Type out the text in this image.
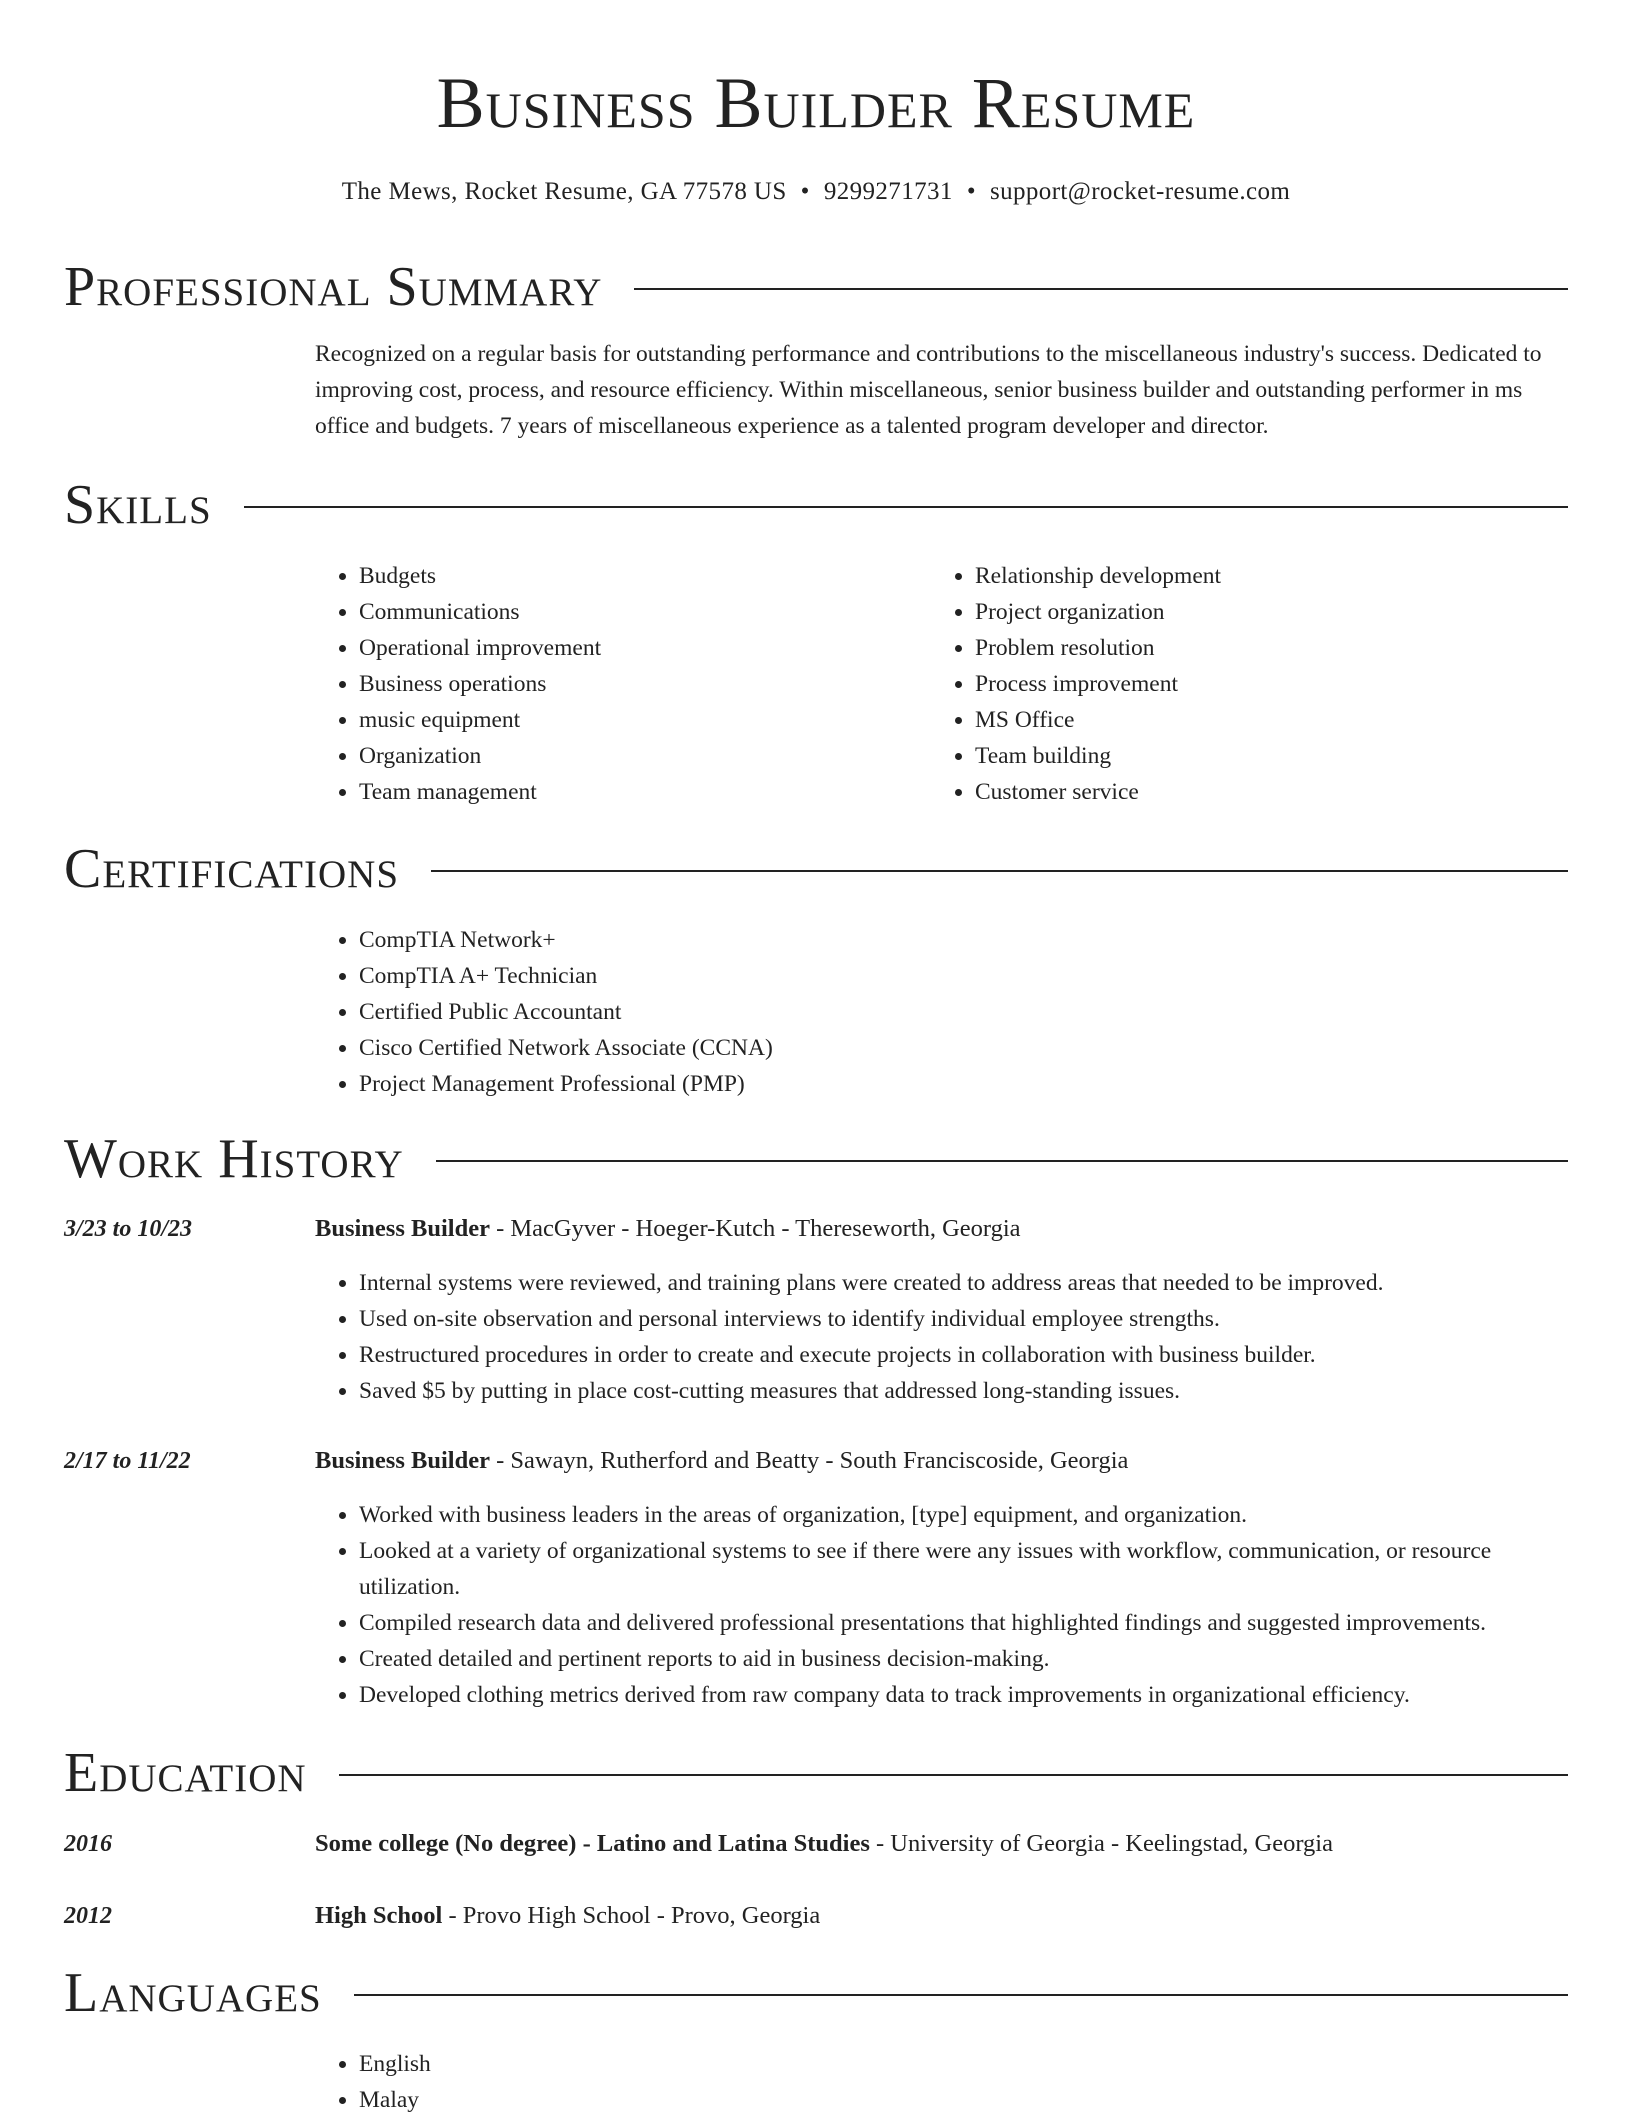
Business Builder Resume
The Mews, Rocket Resume, GA 77578 US • 9299271731 • support@rocket-resume.com
Professional Summary
Recognized on a regular basis for outstanding performance and contributions to the miscellaneous industry's success. Dedicated to improving cost, process, and resource efficiency. Within miscellaneous, senior business builder and outstanding performer in ms office and budgets. 7 years of miscellaneous experience as a talented program developer and director.
Skills
• Budgets
• Communications
• Operational improvement
• Business operations
• music equipment
• Organization
• Team management
• Relationship development
• Project organization
• Problem resolution
• Process improvement
• MS Office
• Team building
• Customer service
Certifications
• CompTIA Network+
• CompTIA A+ Technician
• Certified Public Accountant
• Cisco Certified Network Associate (CCNA)
• Project Management Professional (PMP)
Work History
3/23 to 10/23	Business Builder - MacGyver - Hoeger-Kutch - Thereseworth, Georgia
• Internal systems were reviewed, and training plans were created to address areas that needed to be improved.
• Used on-site observation and personal interviews to identify individual employee strengths.
• Restructured procedures in order to create and execute projects in collaboration with business builder.
• Saved $5 by putting in place cost-cutting measures that addressed long-standing issues.
2/17 to 11/22	Business Builder - Sawayn, Rutherford and Beatty - South Franciscoside, Georgia
• Worked with business leaders in the areas of organization, [type] equipment, and organization.
• Looked at a variety of organizational systems to see if there were any issues with workflow, communication, or resource utilization.
• Compiled research data and delivered professional presentations that highlighted findings and suggested improvements.
• Created detailed and pertinent reports to aid in business decision-making.
• Developed clothing metrics derived from raw company data to track improvements in organizational efficiency.
Education
2016	Some college (No degree) - Latino and Latina Studies - University of Georgia - Keelingstad, Georgia
2012	High School - Provo High School - Provo, Georgia
Languages
• English
• Malay
